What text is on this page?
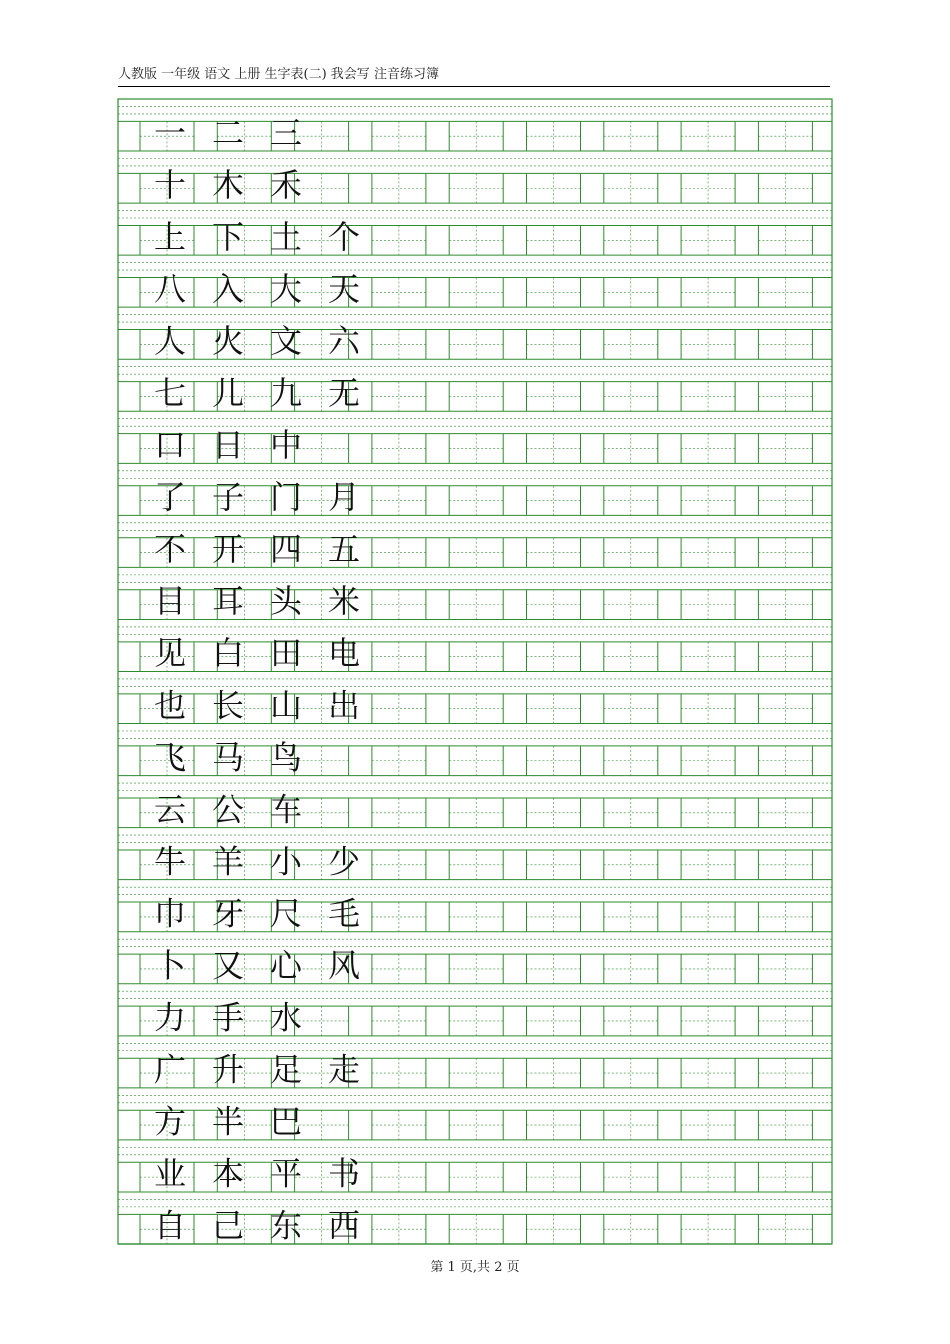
人教版 一年级 语文 上册 生字表(二) 我会写 注音练习簿
一 二 三
十 木 禾
上 下 土 个
八 入 大 天
人 火 文 六
七 儿 九 无
口 日 中
了 子 门 月
不 开 四 五
目 耳 头 米
见 白 田 电
也 长 山 出
飞 马 鸟
云 公 车
牛 羊 小 少
巾 牙 尺 毛
卜 又 心 风
力 手 水
广 升 足 走
方 半 巴
业 本 平 书
自 己 东 西
第 1 页,共 2 页
